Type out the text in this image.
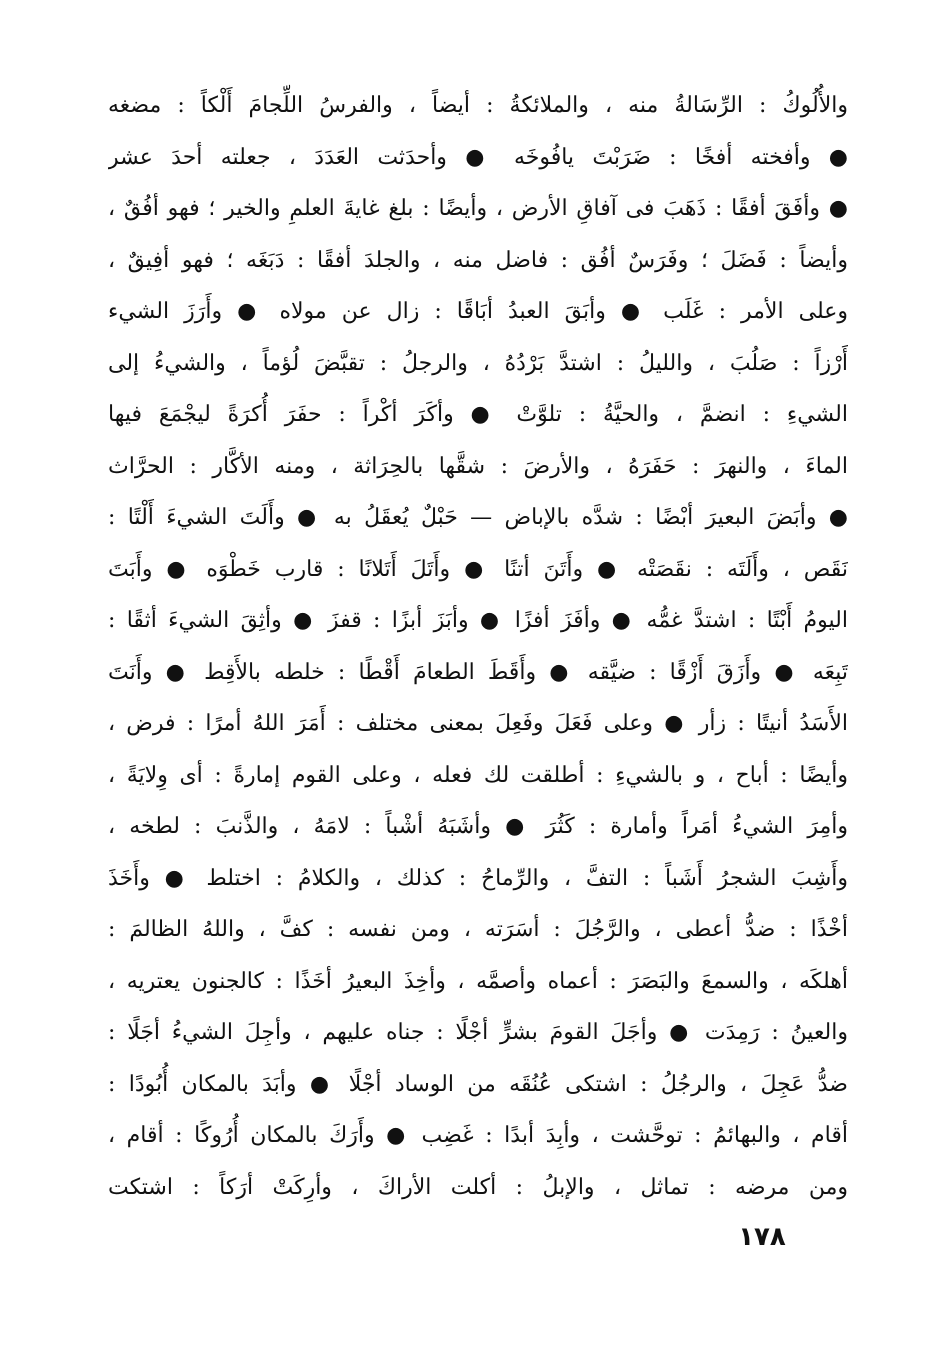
والأُلُوكُ : الرِّسَالةُ منه ، والملائكةُ : أيضاً ، والفرسُ اللِّجامَ أَلْكاً : مضغه
● وأفخته أفخًا : ضَرَبْتَ يافُوخَه ● وأحدَثت العَدَدَ ، جعلته أحدَ عشر
● وأفَقَ أفقًا : ذَهَبَ فى آفاقِ الأرض ، وأيضًا : بلغ غايةَ العلمِ والخير ؛ فهو أفُقٌ ،
وأيضاً : فَضَلَ ؛ وفَرَسٌ أفُق : فاضل منه ، والجلدَ أفقًا : دَبَغَه ؛ فهو أفِيقٌ ،
وعلى الأمر : غَلَب ● وأبَقَ العبدُ أبَاقًا : زال عن مولاه ● وأَرَزَ الشيء
أَرْزاً : صَلُبَ ، والليلُ : اشتدَّ بَرْدُهُ ، والرجلُ : تقبَّضَ لُؤماً ، والشيءُ إلى
الشيءِ : انضمَّ ، والحيَّةُ : تلوَّتْ ● وأكَرَ أكْراً : حفَرَ أُكرَةً ليجْمَعَ فيها
الماءَ ، والنهرَ : حَفَرَهُ ، والأرضَ : شقَّها بالحِرَاثة ، ومنه الأكَّار : الحرَّاث
● وأبَضَ البعيرَ أبْضًا : شدَّه بالإباض — حَبْلٌ يُعقَلُ به ● وأَلَتَ الشيءَ أَلْتًا :
نَقَص ، وأَلَتَه : نقَصَتْه ● وأَتَنَ أتنًا ● وأَتَلَ أَتَلانًا : قارب خَطْوَه ● وأَبَتَ
اليومُ أَبْتًا : اشتدَّ غمُّه ● وأفَزَ أفزًا ● وأبَزَ أبزًا : قفزَ ● وأثِقَ الشيءَ أثقًا :
تَبِعَه ● وأَزَقَ أَزْقًا : ضيَّقه ● وأَقَطَ الطعامَ أَقْطًا : خلطه بالأَقِط ● وأَنَتَ
الأَسَدُ أنيتًا : زأر ● وعلى فَعَلَ وفَعِلَ بمعنى مختلف : أَمَرَ اللهُ أمرًا : فرض ،
وأيضًا : أباح ، و بالشيءِ : أطلقت لك فعله ، وعلى القوم إمارةً : أى وِلايَةً ،
وأمِرَ الشيءُ أمَراً وأمارة : كَثُرَ ● وأشَبَهُ أشْباً : لامَهُ ، والذَّنبَ : لطخه ،
وأَشِبَ الشجرُ أَشَباً : التفَّ ، والرِّماحُ : كذلك ، والكلامُ : اختلط ● وأَخَذَ
أخْذًا : ضدُّ أعطى ، والرَّجُلَ : أسَرَته ، ومن نفسه : كفَّ ، واللهُ الظالمَ :
أهلكَه ، والسمعَ والبَصَرَ : أعماه وأصمَّه ، وأخِذَ البعيرُ أخَذًا : كالجنون يعتريه ،
والعينُ : رَمِدَت ● وأجَلَ القومَ بشرٍّ أجْلًا : جناه عليهم ، وأجِلَ الشيءُ أجَلًا :
ضدُّ عَجِلَ ، والرجُلُ : اشتكى عُنُقَه من الوساد أجْلًا ● وأبَدَ بالمكان أُبُودًا :
أقام ، والبهائمُ : توحَّشت ، وأبِدَ أبدًا : غَضِب ● وأَرَكَ بالمكان أُرُوكًا : أقام ،
ومن مرضه : تماثل ، والإبلُ : أكلت الأراكَ ، وأرِكَتْ أرَكاً : اشتكت
١٧٨
